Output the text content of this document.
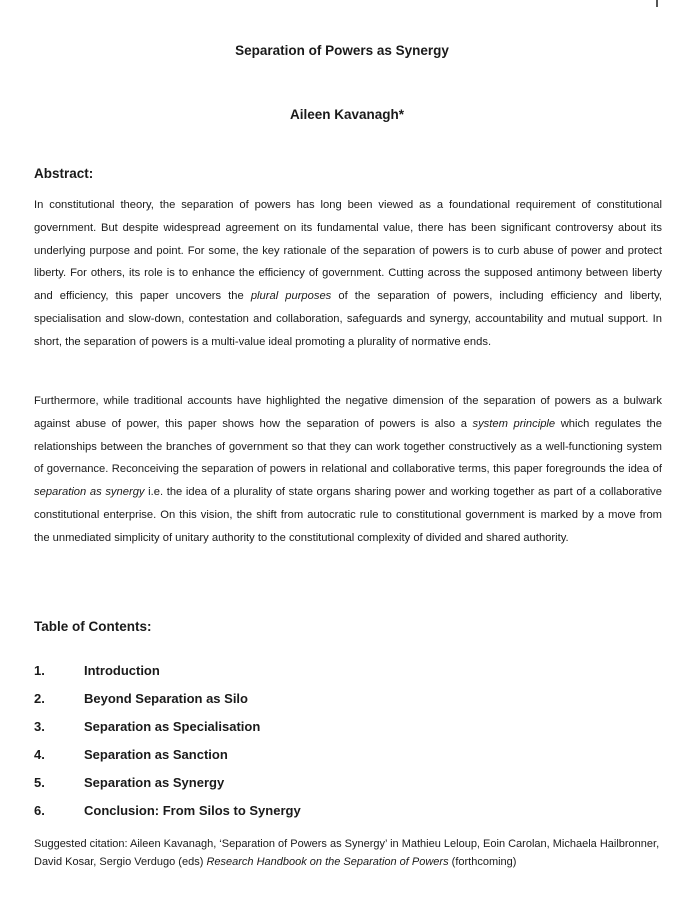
Separation of Powers as Synergy
Aileen Kavanagh*
Abstract:
In constitutional theory, the separation of powers has long been viewed as a foundational requirement of constitutional government. But despite widespread agreement on its fundamental value, there has been significant controversy about its underlying purpose and point. For some, the key rationale of the separation of powers is to curb abuse of power and protect liberty. For others, its role is to enhance the efficiency of government. Cutting across the supposed antimony between liberty and efficiency, this paper uncovers the plural purposes of the separation of powers, including efficiency and liberty, specialisation and slow-down, contestation and collaboration, safeguards and synergy, accountability and mutual support. In short, the separation of powers is a multi-value ideal promoting a plurality of normative ends.
Furthermore, while traditional accounts have highlighted the negative dimension of the separation of powers as a bulwark against abuse of power, this paper shows how the separation of powers is also a system principle which regulates the relationships between the branches of government so that they can work together constructively as a well-functioning system of governance. Reconceiving the separation of powers in relational and collaborative terms, this paper foregrounds the idea of separation as synergy i.e. the idea of a plurality of state organs sharing power and working together as part of a collaborative constitutional enterprise. On this vision, the shift from autocratic rule to constitutional government is marked by a move from the unmediated simplicity of unitary authority to the constitutional complexity of divided and shared authority.
Table of Contents:
1.	Introduction
2.	Beyond Separation as Silo
3.	Separation as Specialisation
4.	Separation as Sanction
5.	Separation as Synergy
6.	Conclusion: From Silos to Synergy
Suggested citation: Aileen Kavanagh, ‘Separation of Powers as Synergy’ in Mathieu Leloup, Eoin Carolan, Michaela Hailbronner, David Kosar, Sergio Verdugo (eds) Research Handbook on the Separation of Powers (forthcoming)
